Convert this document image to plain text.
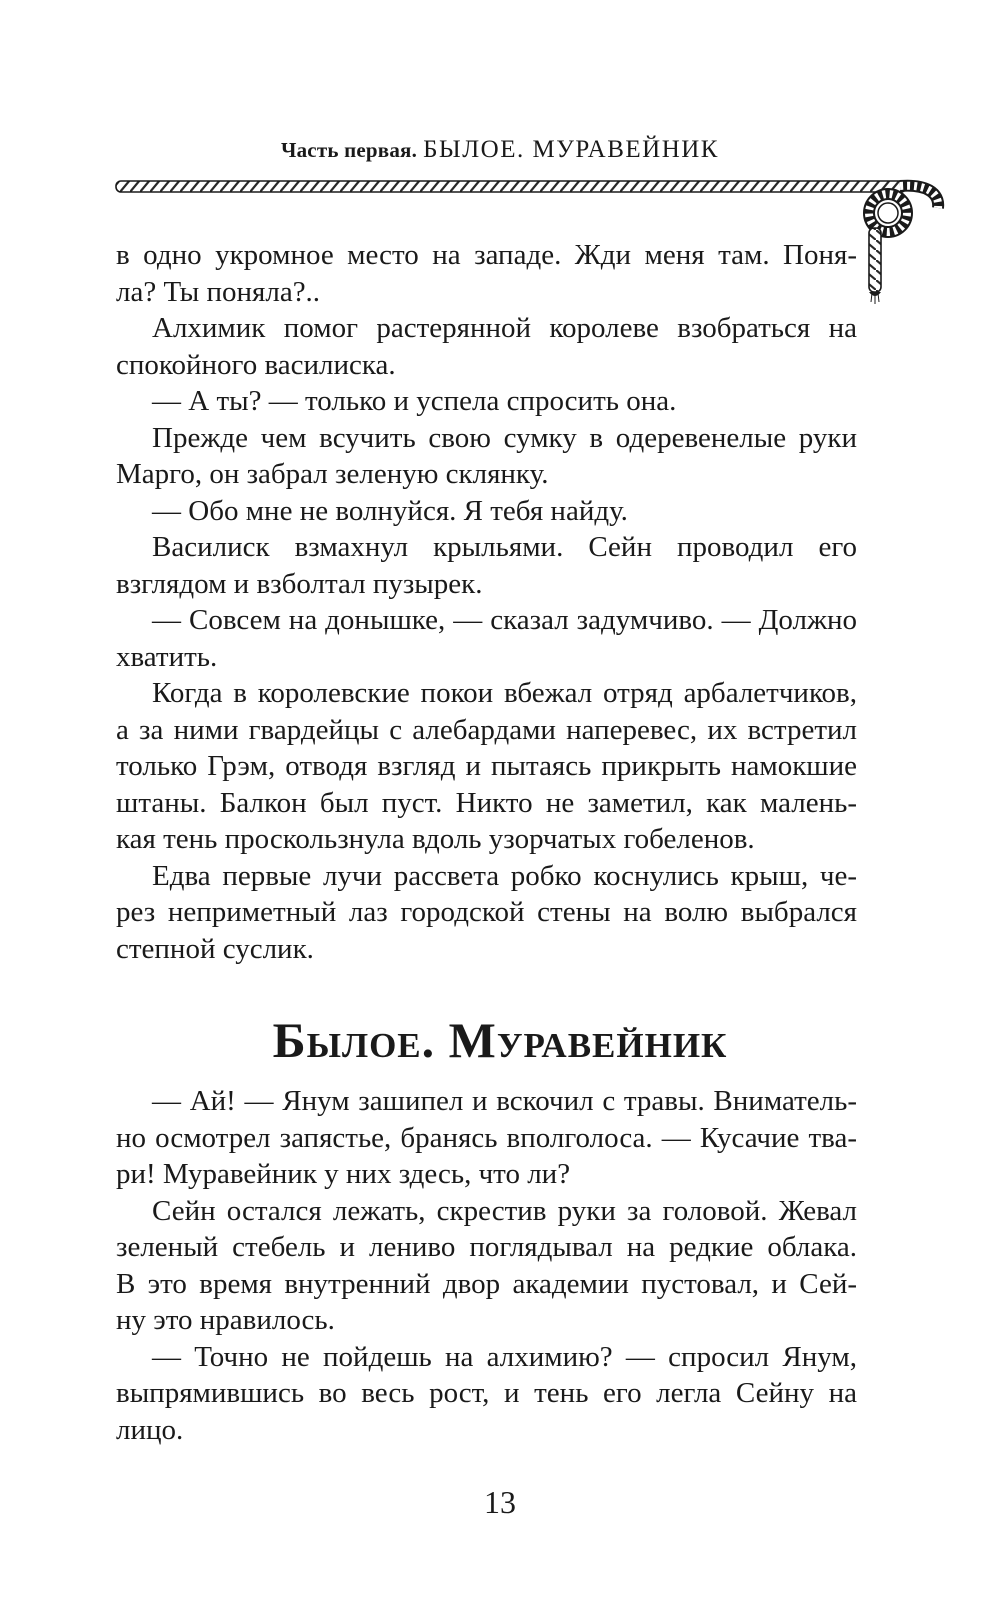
Часть первая. БЫЛОЕ. МУРАВЕЙНИК
в одно укромное место на западе. Жди меня там. Поня-
ла? Ты поняла?..
Алхимик помог растерянной королеве взобраться на
спокойного василиска.
— А ты? — только и успела спросить она.
Прежде чем всучить свою сумку в одеревенелые руки
Марго, он забрал зеленую склянку.
— Обо мне не волнуйся. Я тебя найду.
Василиск взмахнул крыльями. Сейн проводил его
взглядом и взболтал пузырек.
— Совсем на донышке, — сказал задумчиво. — Должно
хватить.
Когда в королевские покои вбежал отряд арбалетчиков,
а за ними гвардейцы с алебардами наперевес, их встретил
только Грэм, отводя взгляд и пытаясь прикрыть намокшие
штаны. Балкон был пуст. Никто не заметил, как малень-
кая тень проскользнула вдоль узорчатых гобеленов.
Едва первые лучи рассвета робко коснулись крыш, че-
рез неприметный лаз городской стены на волю выбрался
степной суслик.
Былое. Муравейник
— Ай! — Янум зашипел и вскочил с травы. Вниматель-
но осмотрел запястье, бранясь вполголоса. — Кусачие тва-
ри! Муравейник у них здесь, что ли?
Сейн остался лежать, скрестив руки за головой. Жевал
зеленый стебель и лениво поглядывал на редкие облака.
В это время внутренний двор академии пустовал, и Сей-
ну это нравилось.
— Точно не пойдешь на алхимию? — спросил Янум,
выпрямившись во весь рост, и тень его легла Сейну на лицо.
13
